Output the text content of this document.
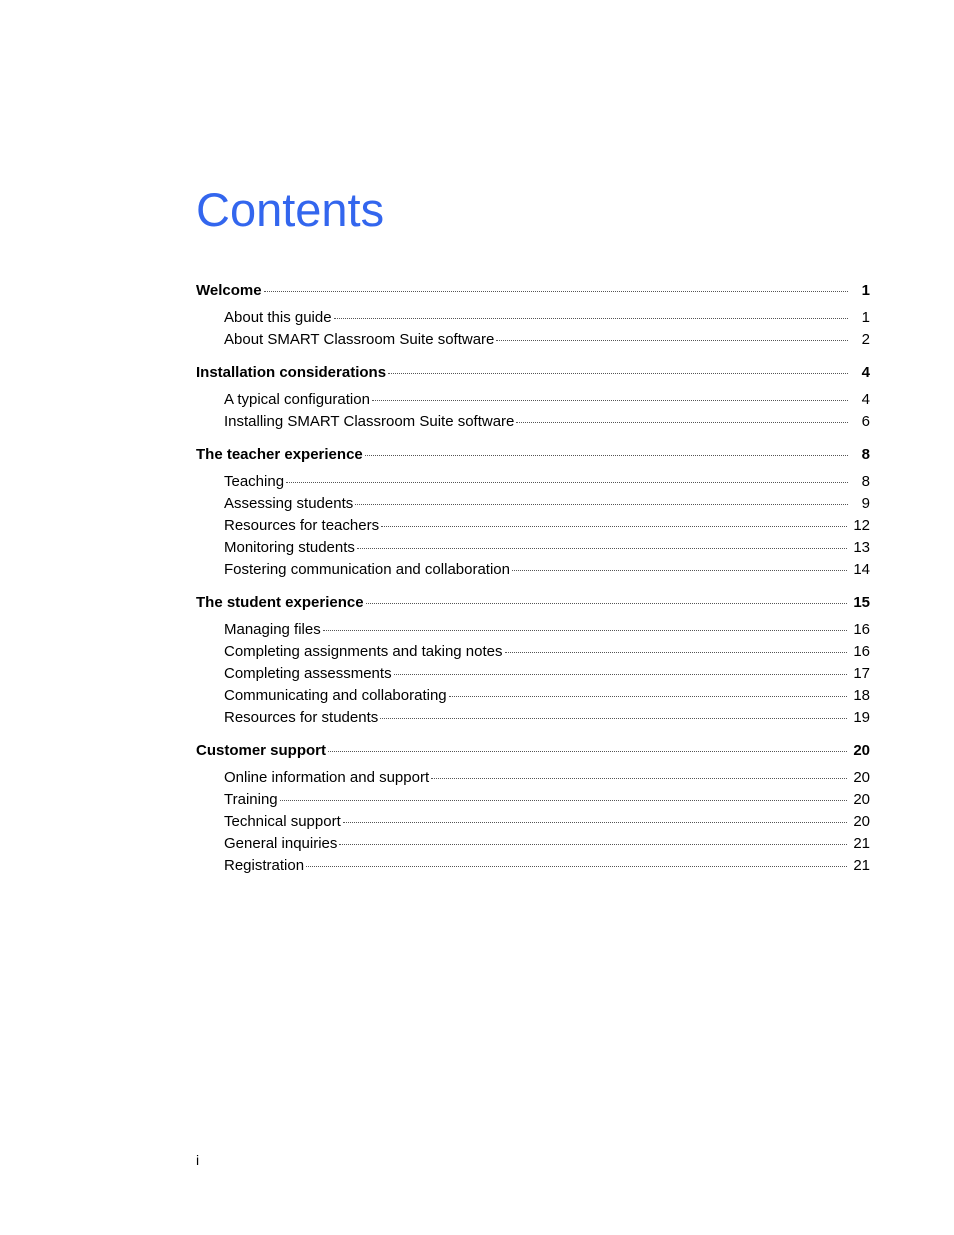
Contents
Welcome	1
About this guide	1
About SMART Classroom Suite software	2
Installation considerations	4
A typical configuration	4
Installing SMART Classroom Suite software	6
The teacher experience	8
Teaching	8
Assessing students	9
Resources for teachers	12
Monitoring students	13
Fostering communication and collaboration	14
The student experience	15
Managing files	16
Completing assignments and taking notes	16
Completing assessments	17
Communicating and collaborating	18
Resources for students	19
Customer support	20
Online information and support	20
Training	20
Technical support	20
General inquiries	21
Registration	21
i
